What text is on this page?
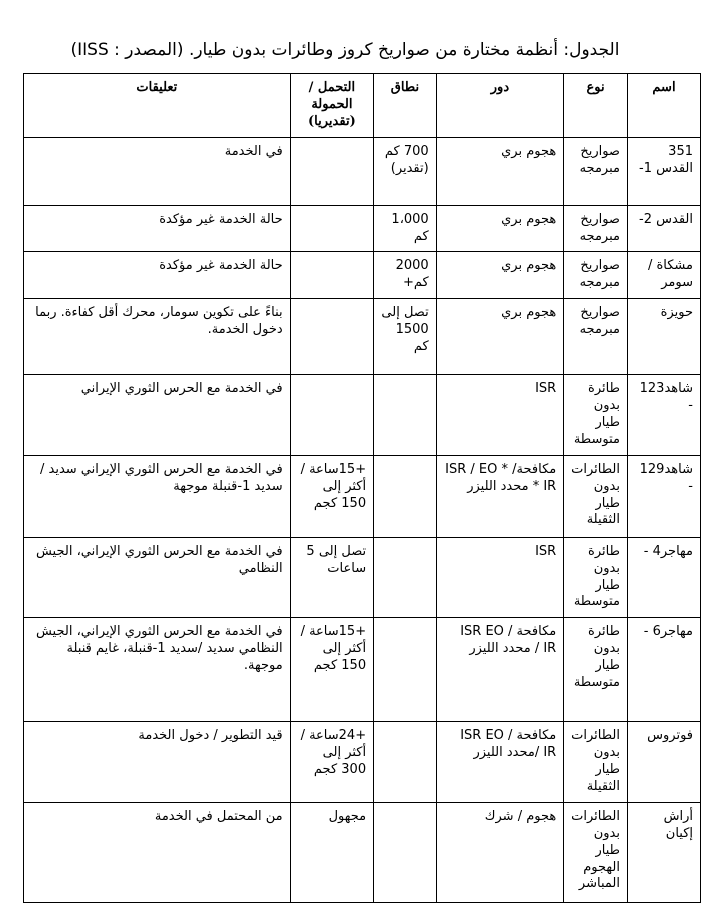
الجدول: أنظمة مختارة من صواريخ كروز وطائرات بدون طيار. (المصدر : IISS)
اسم	نوع	دور	نطاق	التحمل / الحمولة (تقديريا)	تعليقات
351 القدس 1-	صواريخ مبرمجه	هجوم بري	700 كم (تقدير)		في الخدمة
القدس 2-	صواريخ مبرمجه	هجوم بري	1،000 كم		حالة الخدمة غير مؤكدة
مشكاة / سومر	صواريخ مبرمجه	هجوم بري	2000 كم+		حالة الخدمة غير مؤكدة
حويزة	صواريخ مبرمجه	هجوم بري	تصل إلى 1500 كم		بناءً على تكوين سومار، محرك أقل كفاءة. ربما دخول الخدمة.
شاهد123 -	طائرة بدون طيار متوسطة	ISR			في الخدمة مع الحرس الثوري الإيراني
شاهد129 -	الطائرات بدون طيار الثقيلة	مكافحةISR / EO * / IR * محدد الليزر		+15ساعة / أكثر إلى 150 كجم	في الخدمة مع الحرس الثوري الإيراني سديد /سديد 1-قنبلة موجهة
مهاجر4 -	طائرة بدون طيار متوسطة	ISR		تصل إلى 5 ساعات	في الخدمة مع الحرس الثوري الإيراني، الجيش النظامي
مهاجر6 -	طائرة بدون طيار متوسطة	مكافحة ISR EO / IR / محدد الليزر		+15ساعة / أكثر إلى 150 كجم	في الخدمة مع الحرس الثوري الإيراني، الجيش النظامي سديد /سديد 1-قنبلة، غايم قنبلة موجهة.
فوتروس	الطائرات بدون طيار الثقيلة	مكافحة ISR EO / IR /محدد الليزر		+24ساعة / أكثر إلى 300 كجم	قيد التطوير / دخول الخدمة
أراش إكيان	الطائرات بدون طيار الهجوم المباشر	هجوم / شرك		مجهول	من المحتمل في الخدمة
